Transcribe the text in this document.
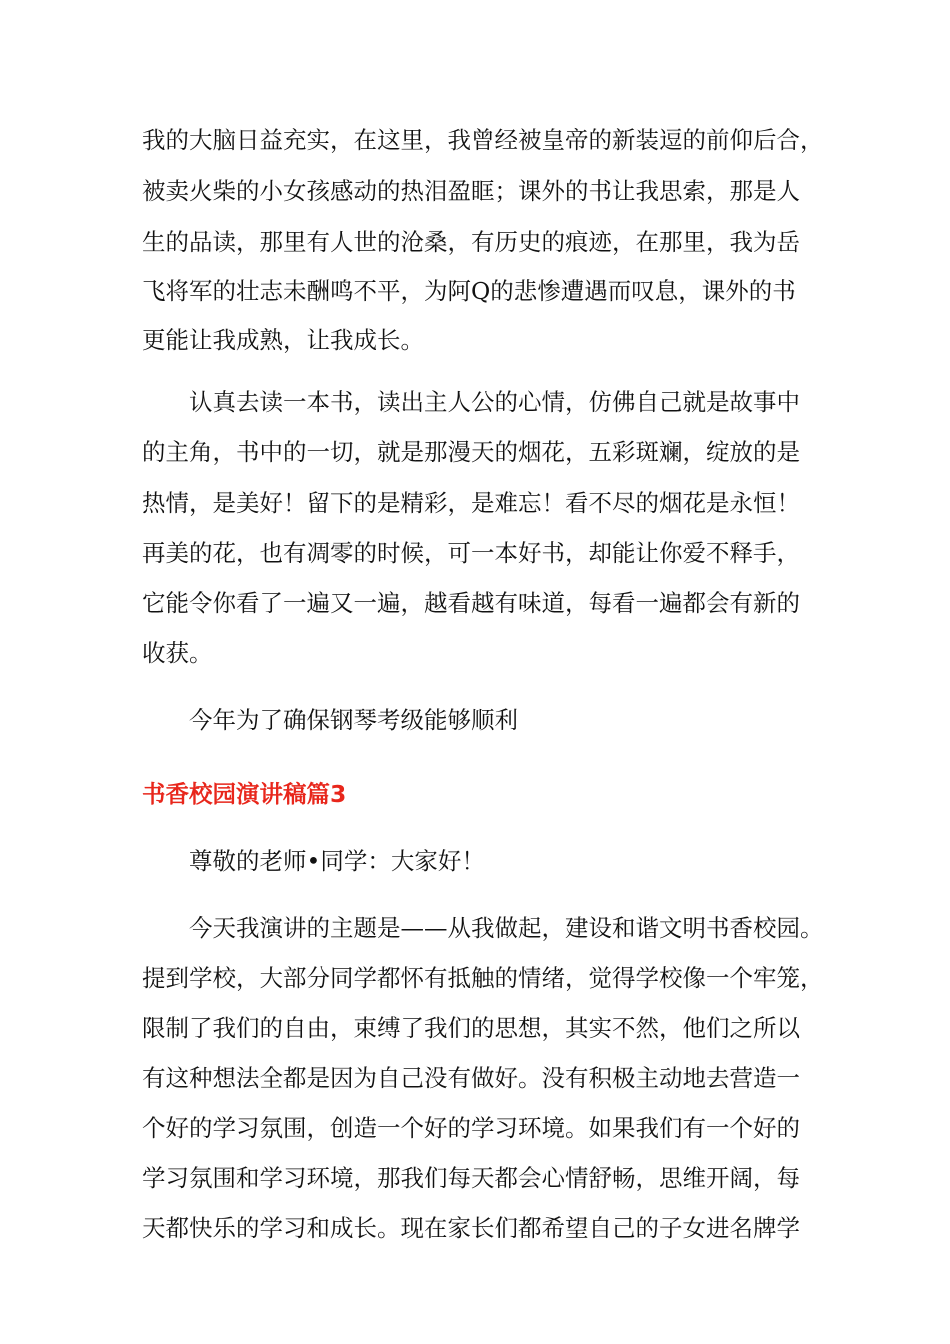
我的大脑日益充实，在这里，我曾经被皇帝的新装逗的前仰后合，

被卖火柴的小女孩感动的热泪盈眶；课外的书让我思索，那是人

生的品读，那里有人世的沧桑，有历史的痕迹，在那里，我为岳

飞将军的壮志未酬鸣不平，为阿Q的悲惨遭遇而叹息，课外的书

更能让我成熟，让我成长。

认真去读一本书，读出主人公的心情，仿佛自己就是故事中

的主角，书中的一切，就是那漫天的烟花，五彩斑斓，绽放的是

热情，是美好！留下的是精彩，是难忘！看不尽的烟花是永恒！

再美的花，也有凋零的时候，可一本好书，却能让你爱不释手，

它能令你看了一遍又一遍，越看越有味道，每看一遍都会有新的

收获。

今年为了确保钢琴考级能够顺利

书香校园演讲稿篇3

尊敬的老师•同学：大家好！

今天我演讲的主题是——从我做起，建设和谐文明书香校园。

提到学校，大部分同学都怀有抵触的情绪，觉得学校像一个牢笼，

限制了我们的自由，束缚了我们的思想，其实不然，他们之所以

有这种想法全都是因为自己没有做好。没有积极主动地去营造一

个好的学习氛围，创造一个好的学习环境。如果我们有一个好的

学习氛围和学习环境，那我们每天都会心情舒畅，思维开阔，每

天都快乐的学习和成长。现在家长们都希望自己的子女进名牌学
